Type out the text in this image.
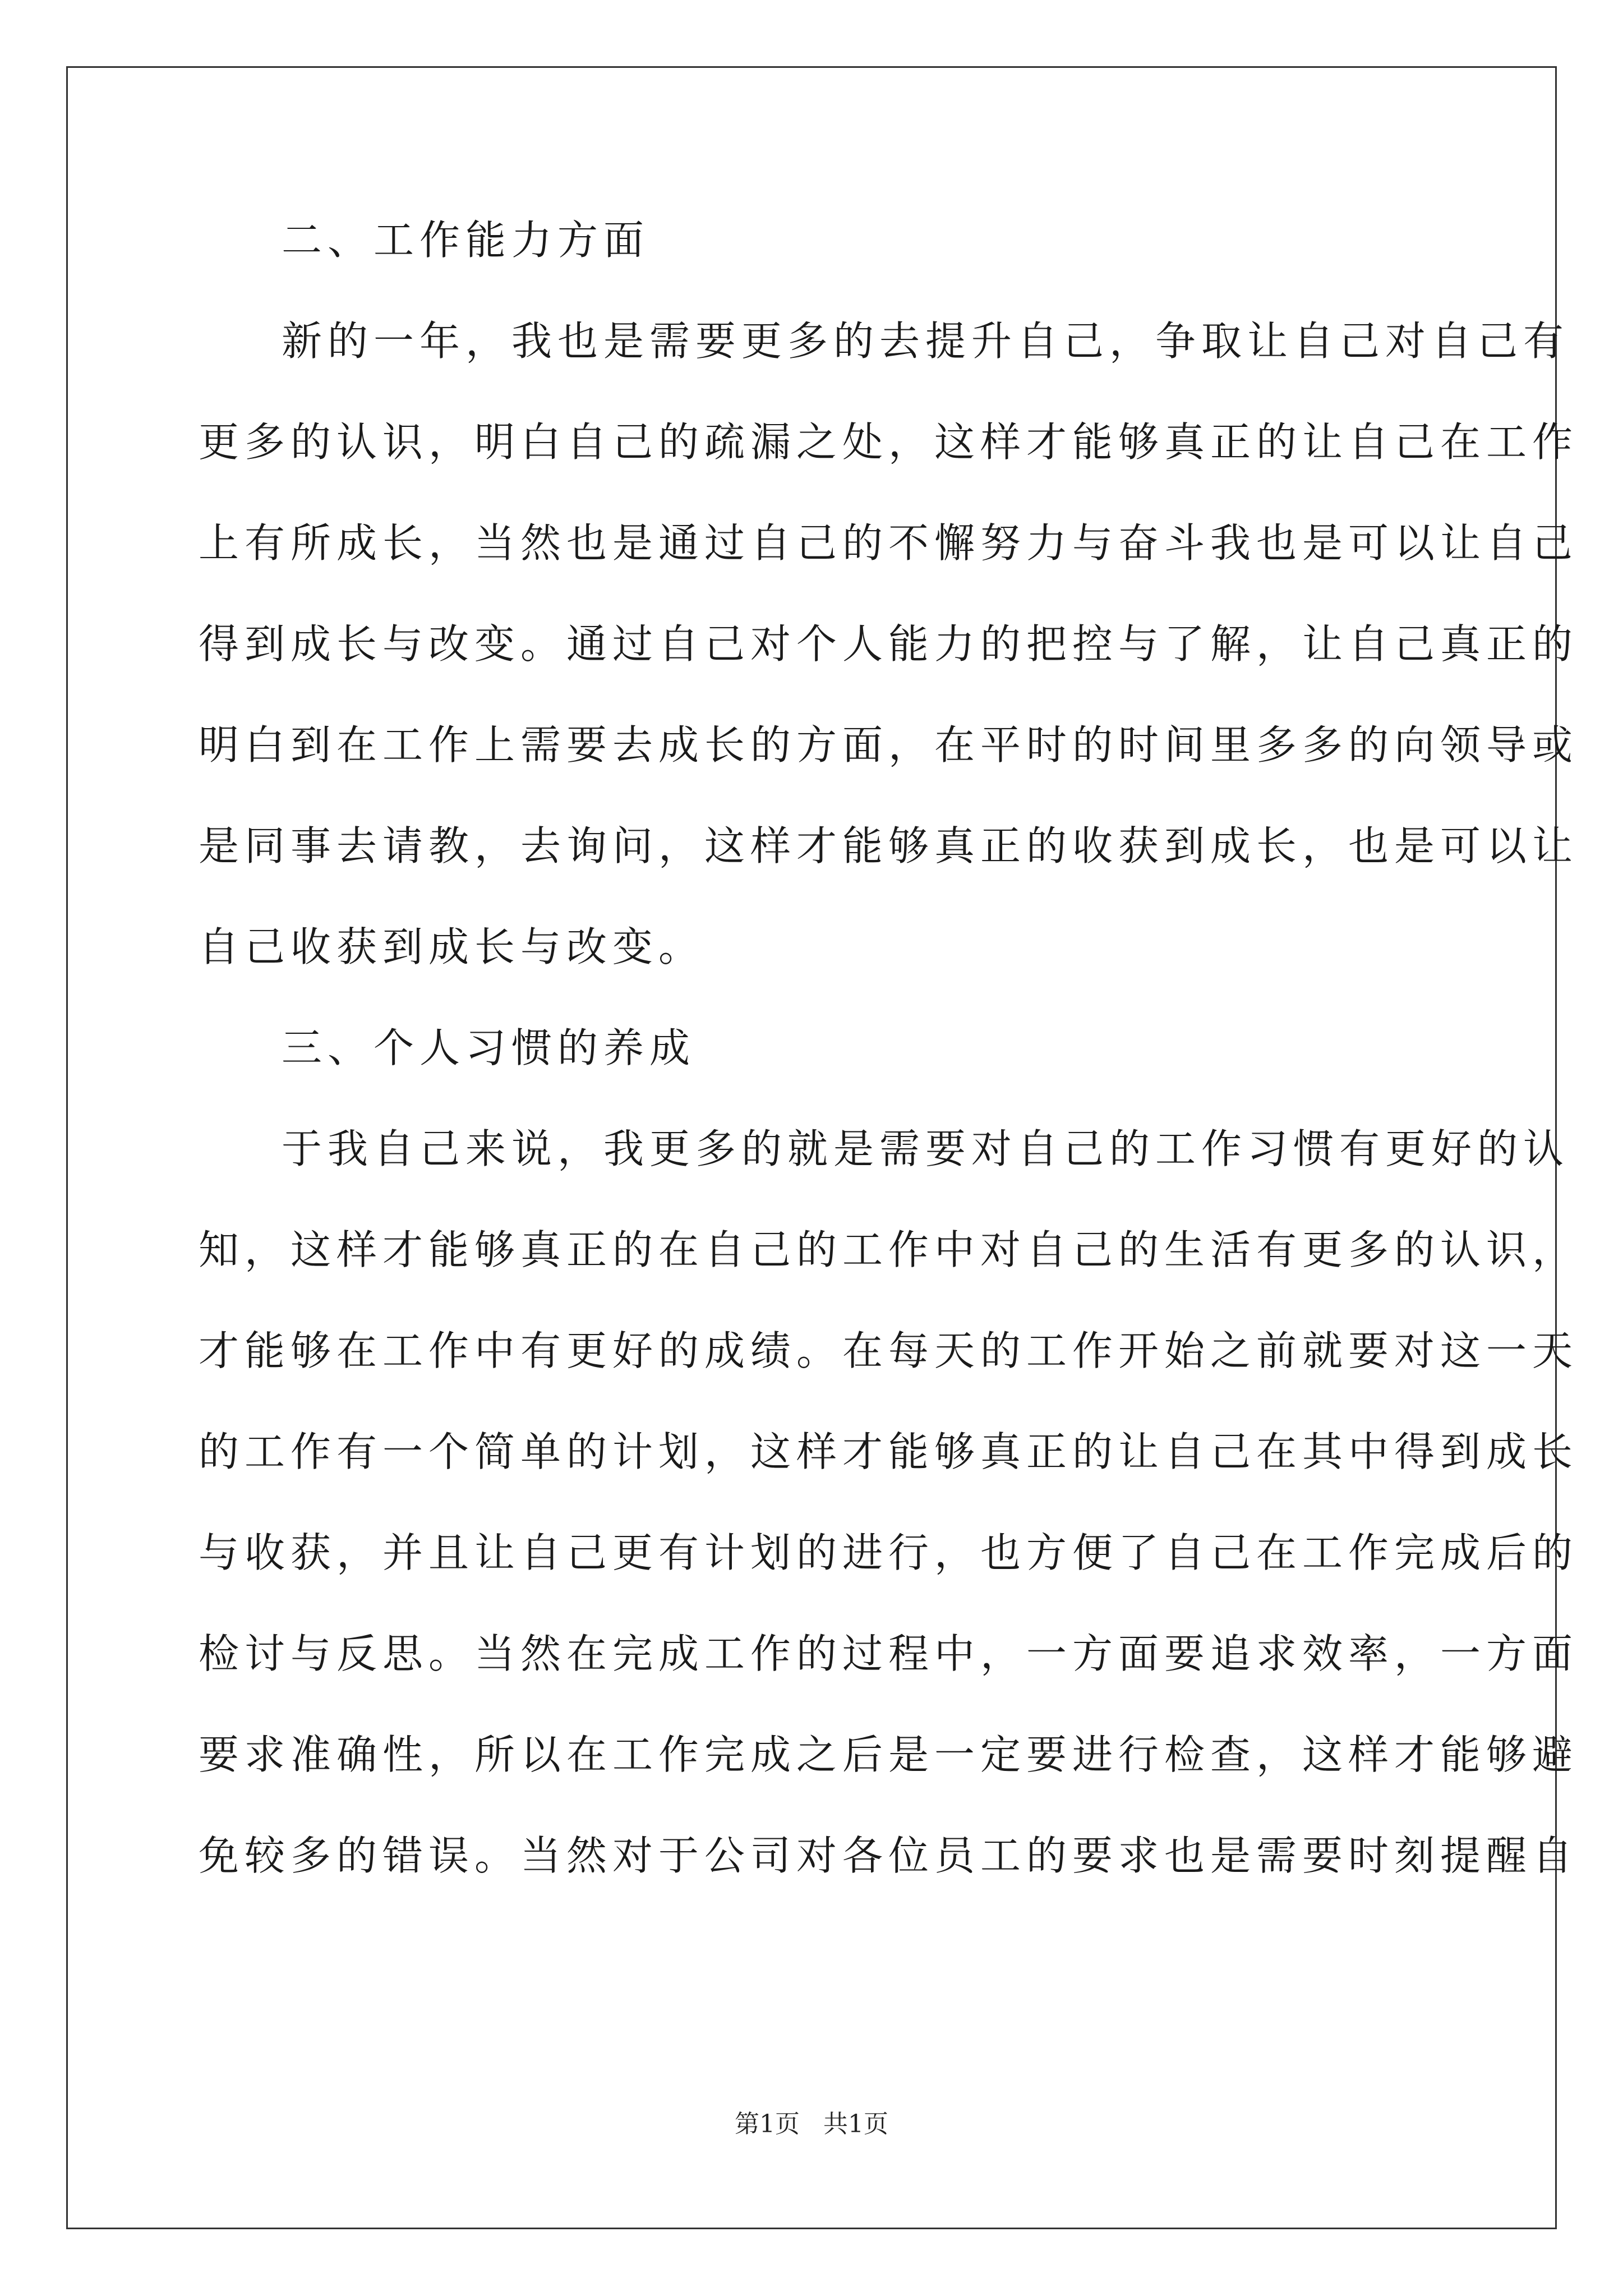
二、工作能力方面
新的一年，我也是需要更多的去提升自己，争取让自己对自己有
更多的认识，明白自己的疏漏之处，这样才能够真正的让自己在工作
上有所成长，当然也是通过自己的不懈努力与奋斗我也是可以让自己
得到成长与改变。通过自己对个人能力的把控与了解，让自己真正的
明白到在工作上需要去成长的方面，在平时的时间里多多的向领导或
是同事去请教，去询问，这样才能够真正的收获到成长，也是可以让
自己收获到成长与改变。
三、个人习惯的养成
于我自己来说，我更多的就是需要对自己的工作习惯有更好的认
知，这样才能够真正的在自己的工作中对自己的生活有更多的认识，
才能够在工作中有更好的成绩。在每天的工作开始之前就要对这一天
的工作有一个简单的计划，这样才能够真正的让自己在其中得到成长
与收获，并且让自己更有计划的进行，也方便了自己在工作完成后的
检讨与反思。当然在完成工作的过程中，一方面要追求效率，一方面
要求准确性，所以在工作完成之后是一定要进行检查，这样才能够避
免较多的错误。当然对于公司对各位员工的要求也是需要时刻提醒自
第1页 共1页
